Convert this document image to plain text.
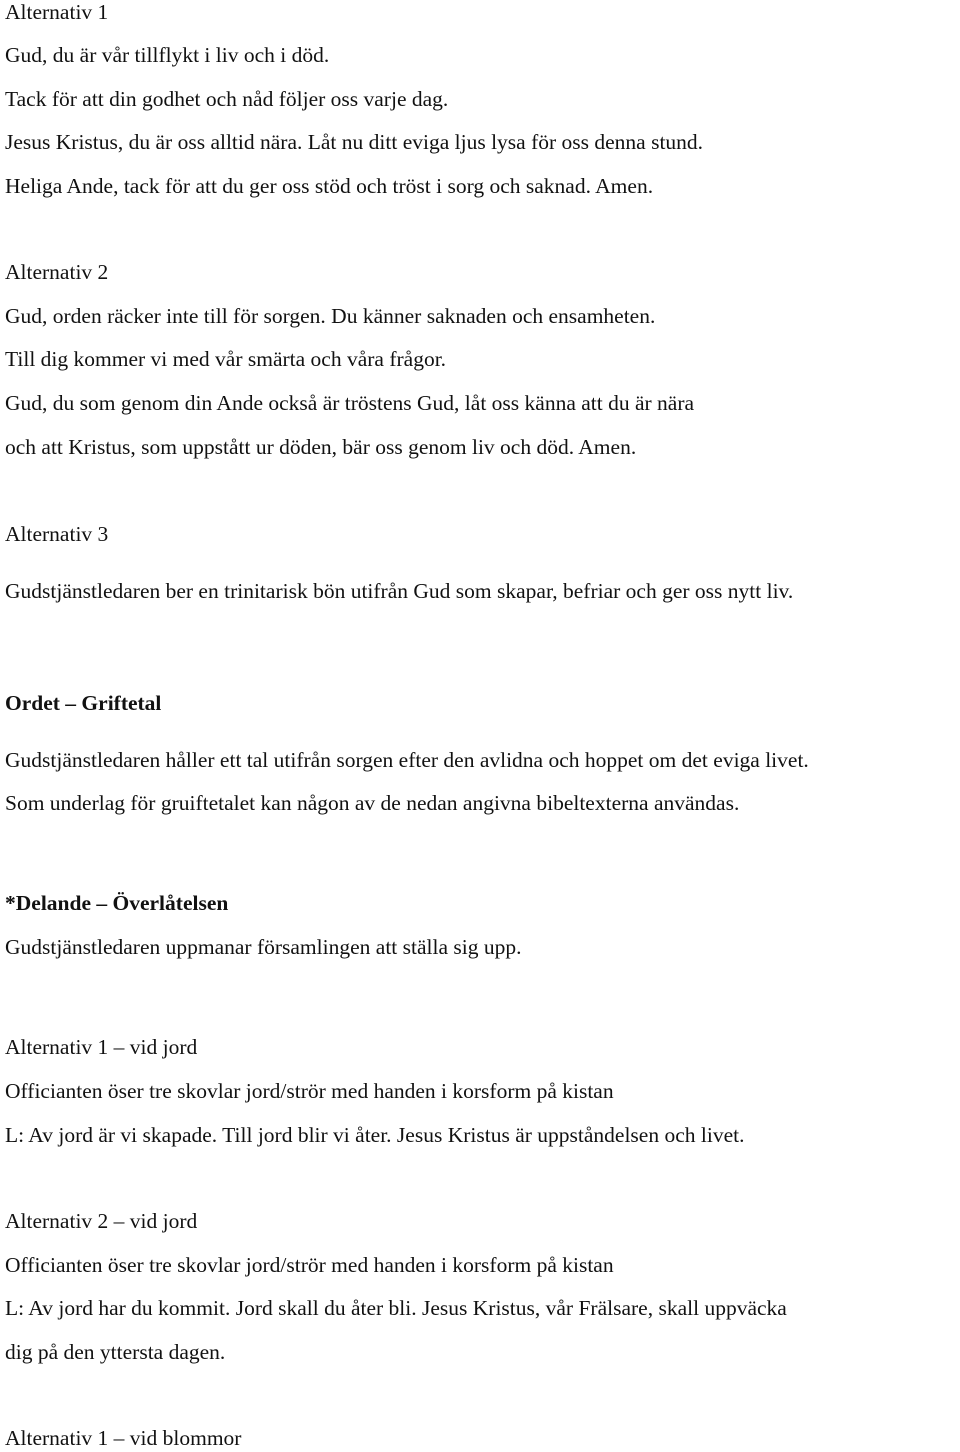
Alternativ 1

Gud, du är vår tillflykt i liv och i död.

Tack för att din godhet och nåd följer oss varje dag.

Jesus Kristus, du är oss alltid nära. Låt nu ditt eviga ljus lysa för oss denna stund.

Heliga Ande, tack för att du ger oss stöd och tröst i sorg och saknad. Amen.

Alternativ 2

Gud, orden räcker inte till för sorgen. Du känner saknaden och ensamheten.

Till dig kommer vi med vår smärta och våra frågor.

Gud, du som genom din Ande också är tröstens Gud, låt oss känna att du är nära

och att Kristus, som uppstått ur döden, bär oss genom liv och död. Amen.

Alternativ 3

Gudstjänstledaren ber en trinitarisk bön utifrån Gud som skapar, befriar och ger oss nytt liv.

Ordet – Griftetal

Gudstjänstledaren håller ett tal utifrån sorgen efter den avlidna och hoppet om det eviga livet.

Som underlag för gruiftetalet kan någon av de nedan angivna bibeltexterna användas.

*Delande – Överlåtelsen

Gudstjänstledaren uppmanar församlingen att ställa sig upp.

Alternativ 1 – vid jord

Officianten öser tre skovlar jord/strör med handen i korsform på kistan

L: Av jord är vi skapade. Till jord blir vi åter. Jesus Kristus är uppståndelsen och livet.

Alternativ 2 – vid jord

Officianten öser tre skovlar jord/strör med handen i korsform på kistan

L: Av jord har du kommit. Jord skall du åter bli. Jesus Kristus, vår Frälsare, skall uppväcka

dig på den yttersta dagen.

Alternativ 1 – vid blommor
